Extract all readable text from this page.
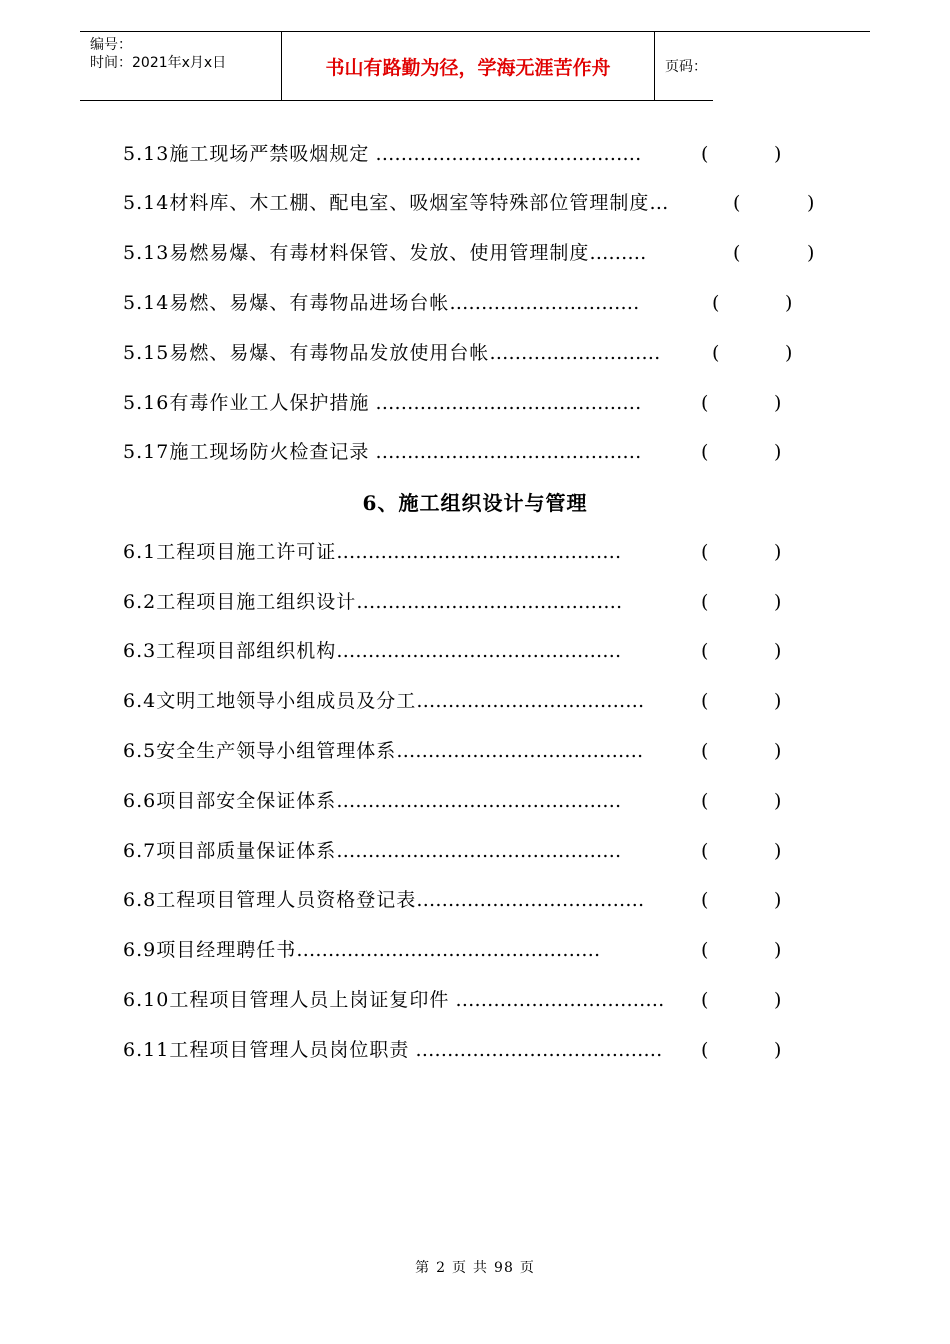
编号：
时间：2021年x月x日	书山有路勤为径，学海无涯苦作舟	页码：
5.13施工现场严禁吸烟规定 ……………………………………	(	)
5.14材料库、木工棚、配电室、吸烟室等特殊部位管理制度…	(	)
5.13易燃易爆、有毒材料保管、发放、使用管理制度………	(	)
5.14易燃、易爆、有毒物品进场台帐…………………………	(	)
5.15易燃、易爆、有毒物品发放使用台帐………………………	(	)
5.16有毒作业工人保护措施 ……………………………………	(	)
5.17施工现场防火检查记录 ……………………………………	(	)
6、施工组织设计与管理
6.1工程项目施工许可证………………………………………	(	)
6.2工程项目施工组织设计……………………………………	(	)
6.3工程项目部组织机构………………………………………	(	)
6.4文明工地领导小组成员及分工………………………………	(	)
6.5安全生产领导小组管理体系…………………………………	(	)
6.6项目部安全保证体系………………………………………	(	)
6.7项目部质量保证体系………………………………………	(	)
6.8工程项目管理人员资格登记表………………………………	(	)
6.9项目经理聘任书…………………………………………	(	)
6.10工程项目管理人员上岗证复印件 …………………………… (	)
6.11工程项目管理人员岗位职责 ………………………………… (	)
第 2 页 共 98 页
